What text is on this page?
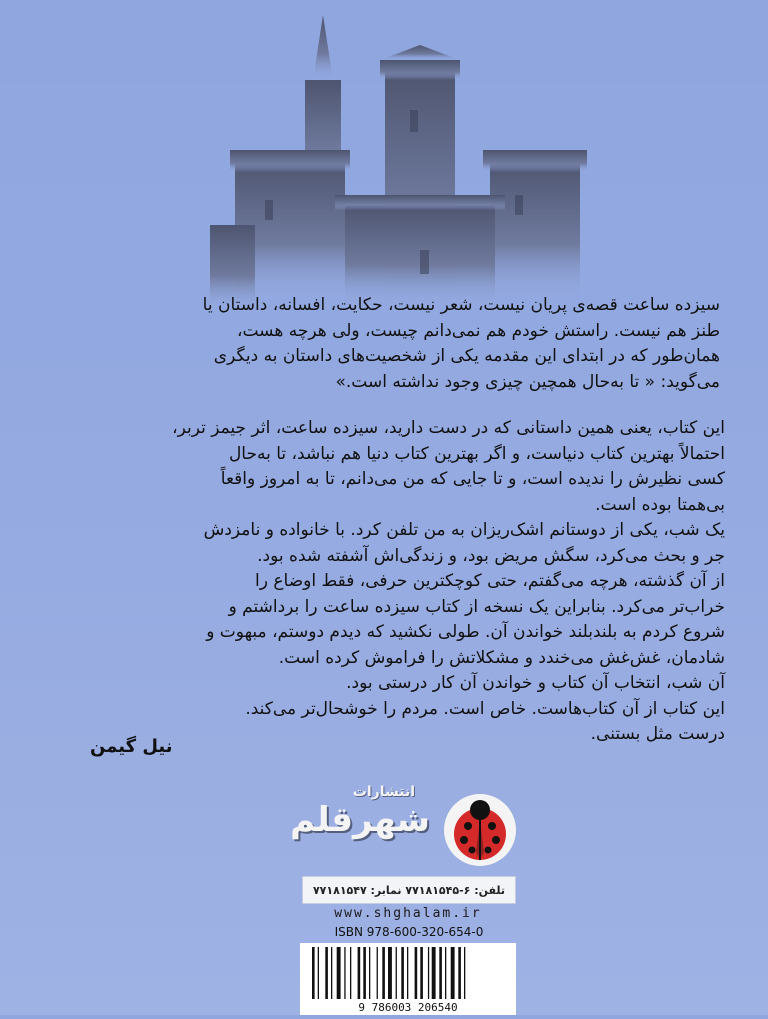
سیزده ساعت قصه‌ی پریان نیست، شعر نیست، حکایت، افسانه، داستان یا

طنز هم نیست. راستش خودم هم نمی‌دانم چیست، ولی هرچه هست،

همان‌طور که در ابتدای این مقدمه یکی از شخصیت‌های داستان به دیگری

می‌گوید: « تا به‌حال همچین چیزی وجود نداشته است.»

این کتاب، یعنی همین داستانی که در دست دارید، سیزده ساعت، اثر جیمز تربر،

احتمالاً بهترین کتاب دنیاست، و اگر بهترین کتاب دنیا هم نباشد، تا به‌حال

کسی نظیرش را ندیده است، و تا جایی که من می‌دانم، تا به امروز واقعاً

بی‌همتا بوده است.

یک شب، یکی از دوستانم اشک‌ریزان به من تلفن کرد. با خانواده و نامزدش

جر و بحث می‌کرد، سگش مریض بود، و زندگی‌اش آشفته شده بود.

از آن گذشته، هرچه می‌گفتم، حتی کوچکترین حرفی، فقط اوضاع را

خراب‌تر می‌کرد. بنابراین یک نسخه از کتاب سیزده ساعت را برداشتم و

شروع کردم به بلندبلند خواندن آن. طولی نکشید که دیدم دوستم، مبهوت و

شادمان، غش‌غش می‌خندد و مشکلاتش را فراموش کرده است.

آن شب، انتخاب آن کتاب و خواندن آن کار درستی بود.

این کتاب از آن کتاب‌هاست. خاص است. مردم را خوشحال‌تر می‌کند.

درست مثل بستنی.

نیل گیمن
انتشارات
شهرقلم
تلفن: ۶-۷۷۱۸۱۵۴۵ نمابر: ۷۷۱۸۱۵۴۷
www.shghalam.ir
ISBN 978-600-320-654-0
9 786003 206540
